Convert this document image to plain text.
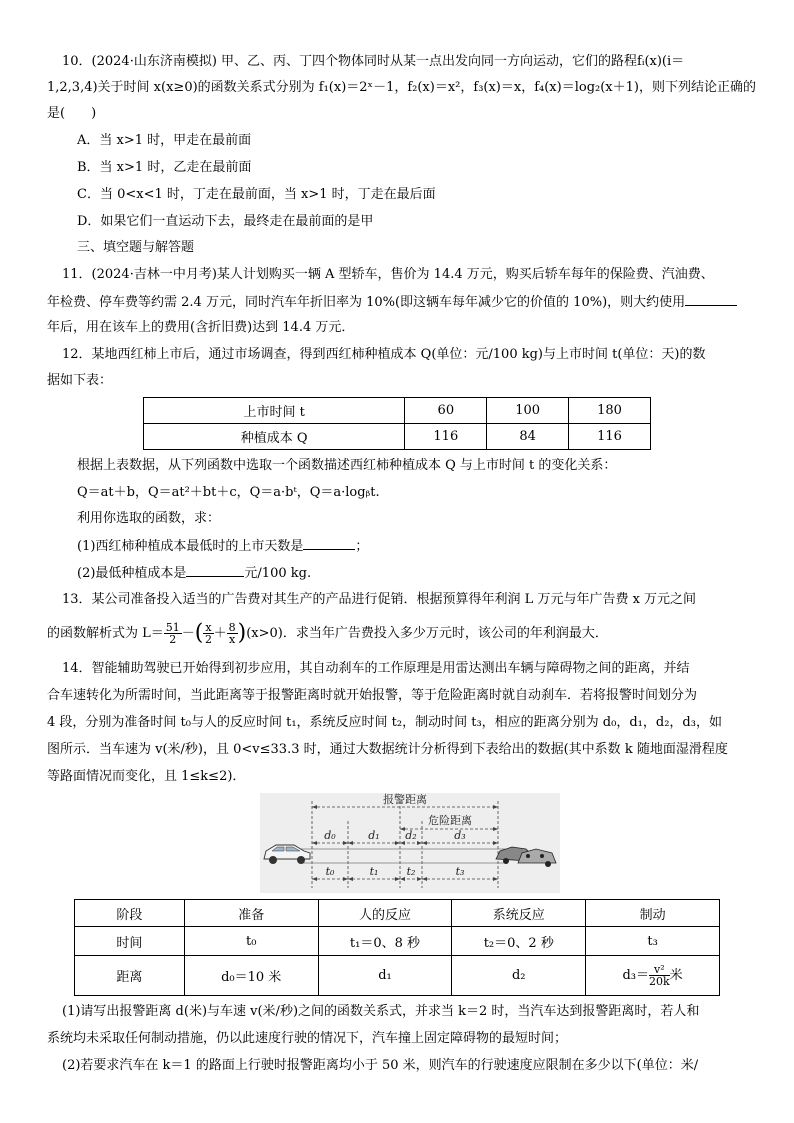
10．(2024·山东济南模拟) 甲、乙、丙、丁四个物体同时从某一点出发向同一方向运动，它们的路程fᵢ(x)(i＝
1,2,3,4)关于时间 x(x≥0)的函数关系式分别为 f₁(x)＝2ˣ－1，f₂(x)＝x²，f₃(x)＝x，f₄(x)＝log₂(x＋1)，则下列结论正确的
是(　　)
A．当 x>1 时，甲走在最前面
B．当 x>1 时，乙走在最前面
C．当 0<x<1 时，丁走在最前面，当 x>1 时，丁走在最后面
D．如果它们一直运动下去，最终走在最前面的是甲
三、填空题与解答题
11．(2024·吉林一中月考)某人计划购买一辆 A 型轿车，售价为 14.4 万元，购买后轿车每年的保险费、汽油费、
年检费、停车费等约需 2.4 万元，同时汽车年折旧率为 10%(即这辆车每年减少它的价值的 10%)，则大约使用
年后，用在该车上的费用(含折旧费)达到 14.4 万元．
12．某地西红柿上市后，通过市场调查，得到西红柿种植成本 Q(单位：元/100 kg)与上市时间 t(单位：天)的数
据如下表：
上市时间 t	60	100	180
种植成本 Q	116	84	116
根据上表数据，从下列函数中选取一个函数描述西红柿种植成本 Q 与上市时间 t 的变化关系：
Q＝at＋b，Q＝at²＋bt＋c，Q＝a·bᵗ，Q＝a·logᵦt.
利用你选取的函数，求：
(1)西红柿种植成本最低时的上市天数是	；
(2)最低种植成本是	元/100 kg.
13．某公司准备投入适当的广告费对其生产的产品进行促销．根据预算得年利润 L 万元与年广告费 x 万元之间
的函数解析式为 $L= \frac{51}{2}$ －( $\frac{x}{2} + \frac{8}{x} )(x>0)$．求当年广告费投入多少万元时，该公司的年利润最大．
14．智能辅助驾驶已开始得到初步应用，其自动刹车的工作原理是用雷达测出车辆与障碍物之间的距离，并结
合车速转化为所需时间，当此距离等于报警距离时就开始报警，等于危险距离时就自动刹车．若将报警时间划分为
4 段，分别为准备时间 t₀与人的反应时间 t₁，系统反应时间 t₂，制动时间 t₃，相应的距离分别为 d₀，d₁，d₂，d₃，如
图所示．当车速为 v(米/秒)，且 0<v≤33.3 时，通过大数据统计分析得到下表给出的数据(其中系数 k 随地面湿滑程度
等路面情况而变化，且 1≤k≤2)．
报警距离
危险距离
d₀	d₁ d₂	d₃
t₀	t₁	t₂	t₃
阶段	准备	人的反应	系统反应	制动
时间	t₀	t₁＝0、8 秒	t₂＝0、2 秒	t₃
距离	d₀＝10 米	d₁	d₂	$d_3= \frac{\text{v²}}{20k}$ 米
(1)请写出报警距离 d(米)与车速 v(米/秒)之间的函数关系式，并求当 k＝2 时，当汽车达到报警距离时，若人和
系统均未采取任何制动措施，仍以此速度行驶的情况下，汽车撞上固定障碍物的最短时间；
(2)若要求汽车在 k＝1 的路面上行驶时报警距离均小于 50 米，则汽车的行驶速度应限制在多少以下(单位：米/
